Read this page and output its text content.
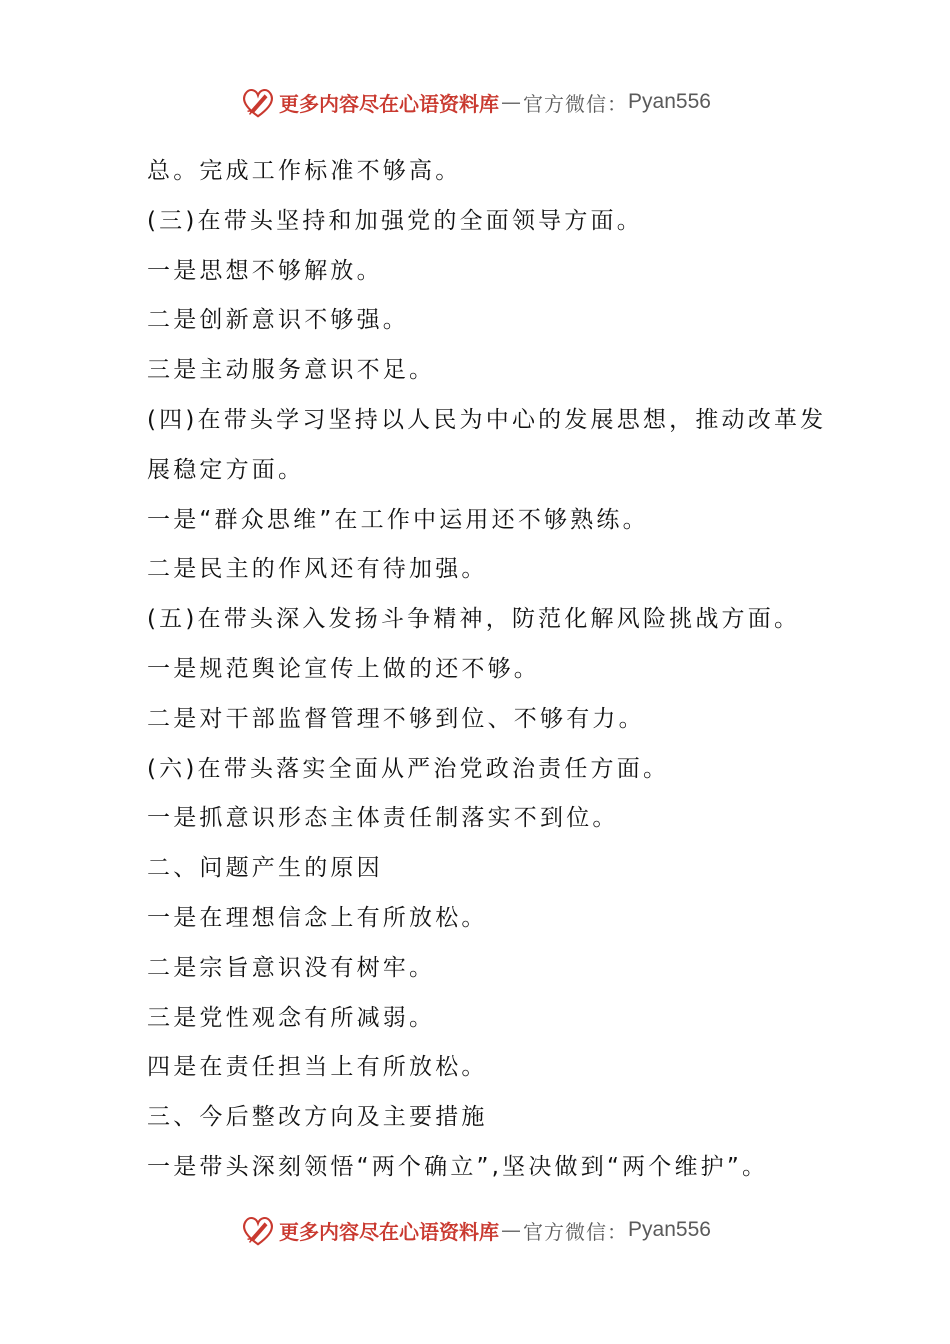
更多内容尽在心语资料库 — 官方微信： Pyan556
总。完成工作标准不够高。
(三)在带头坚持和加强党的全面领导方面。
一是思想不够解放。
二是创新意识不够强。
三是主动服务意识不足。
(四)在带头学习坚持以人民为中心的发展思想，推动改革发
展稳定方面。
一是“群众思维”在工作中运用还不够熟练。
二是民主的作风还有待加强。
(五)在带头深入发扬斗争精神，防范化解风险挑战方面。
一是规范舆论宣传上做的还不够。
二是对干部监督管理不够到位、不够有力。
(六)在带头落实全面从严治党政治责任方面。
一是抓意识形态主体责任制落实不到位。
二、问题产生的原因
一是在理想信念上有所放松。
二是宗旨意识没有树牢。
三是党性观念有所减弱。
四是在责任担当上有所放松。
三、今后整改方向及主要措施
一是带头深刻领悟“两个确立”,坚决做到“两个维护”。
更多内容尽在心语资料库 — 官方微信： Pyan556
